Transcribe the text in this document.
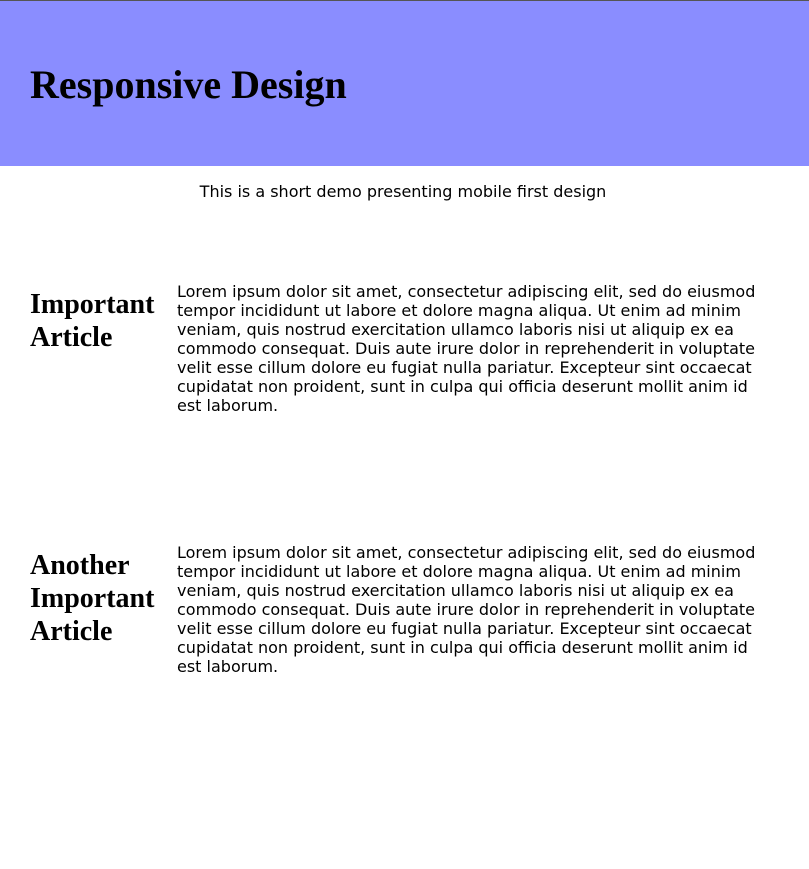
Responsive Design

This is a short demo presenting mobile first design

Important Article

Lorem ipsum dolor sit amet, consectetur adipiscing elit, sed do eiusmod tempor incididunt ut labore et dolore magna aliqua. Ut enim ad minim veniam, quis nostrud exercitation ullamco laboris nisi ut aliquip ex ea commodo consequat. Duis aute irure dolor in reprehenderit in voluptate velit esse cillum dolore eu fugiat nulla pariatur. Excepteur sint occaecat cupidatat non proident, sunt in culpa qui officia deserunt mollit anim id est laborum.

Another Important Article

Lorem ipsum dolor sit amet, consectetur adipiscing elit, sed do eiusmod tempor incididunt ut labore et dolore magna aliqua. Ut enim ad minim veniam, quis nostrud exercitation ullamco laboris nisi ut aliquip ex ea commodo consequat. Duis aute irure dolor in reprehenderit in voluptate velit esse cillum dolore eu fugiat nulla pariatur. Excepteur sint occaecat cupidatat non proident, sunt in culpa qui officia deserunt mollit anim id est laborum.
